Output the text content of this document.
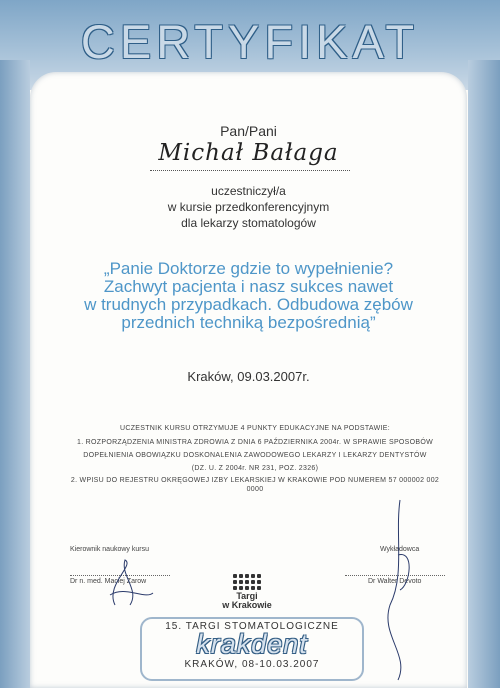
CERTYFIKAT
Pan/Pani
Michał Bałaga
uczestniczył/a
w kursie przedkonferencyjnym
dla lekarzy stomatologów
„Panie Doktorze gdzie to wypełnienie?
Zachwyt pacjenta i nasz sukces nawet
w trudnych przypadkach. Odbudowa zębów
przednich techniką bezpośrednią”
Kraków, 09.03.2007r.
UCZESTNIK KURSU OTRZYMUJE 4 PUNKTY EDUKACYJNE NA PODSTAWIE:
1. ROZPORZĄDZENIA MINISTRA ZDROWIA Z DNIA 6 PAŹDZIERNIKA 2004r. W SPRAWIE SPOSOBÓW
DOPEŁNIENIA OBOWIĄZKU DOSKONALENIA ZAWODOWEGO LEKARZY I LEKARZY DENTYSTÓW
(DZ. U. Z 2004r. NR 231, POZ. 2326)
2. WPISU DO REJESTRU OKRĘGOWEJ IZBY LEKARSKIEJ W KRAKOWIE POD NUMEREM 57 000002 002 0000
Kierownik naukowy kursu
Dr n. med. Maciej Zarow
Wykładowca
Dr Walter Devoto
Targi
w Krakowie
15. TARGI STOMATOLOGICZNE
krakdent
KRAKÓW, 08-10.03.2007
